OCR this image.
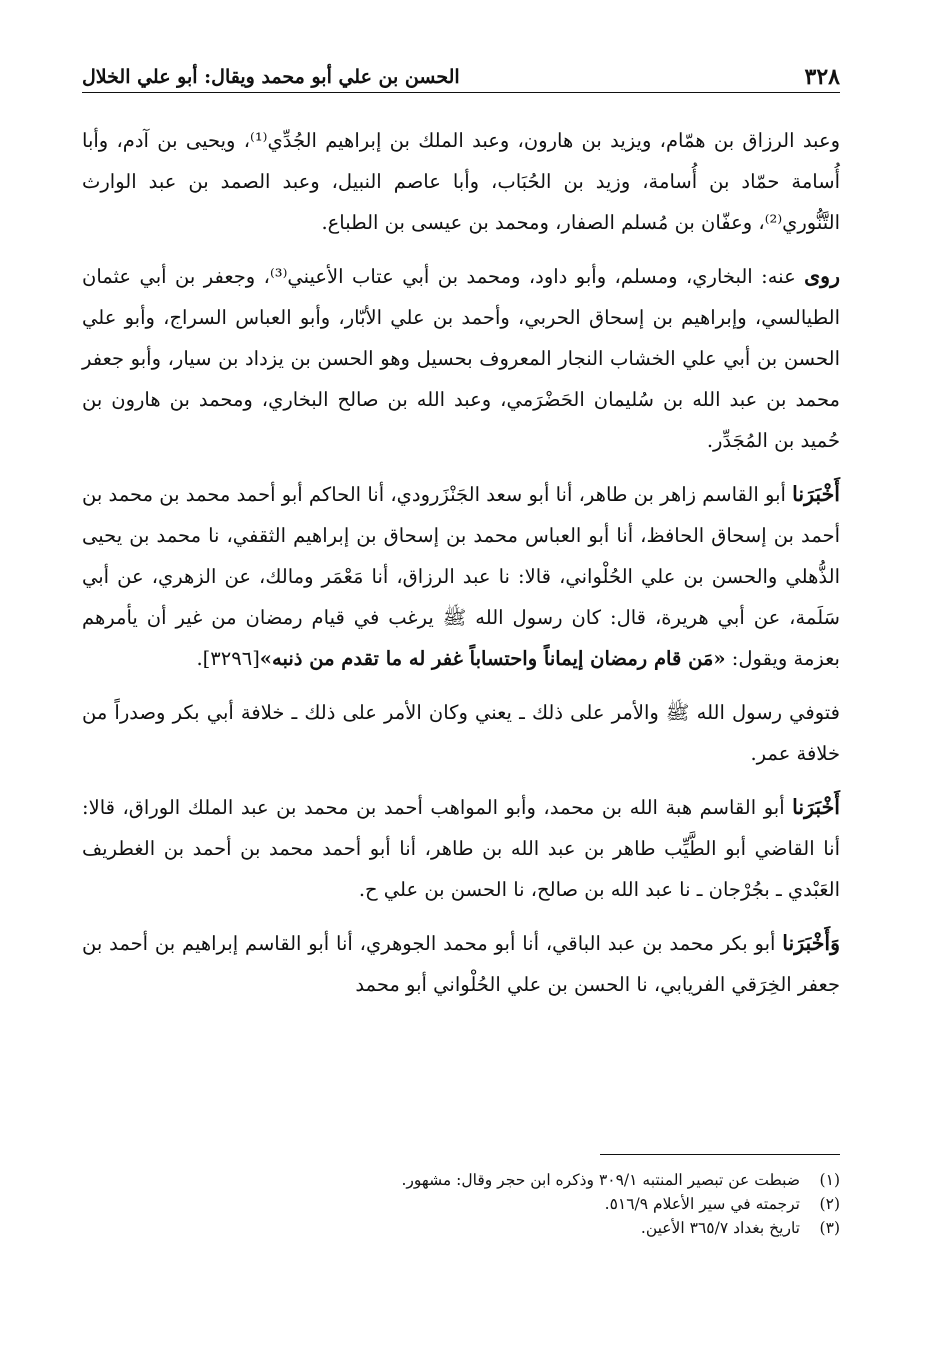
٣٢٨
الحسن بن علي أبو محمد ويقال: أبو علي الخلال

وعبد الرزاق بن همّام، ويزيد بن هارون، وعبد الملك بن إبراهيم الجُدِّي⁽¹⁾، ويحيى بن آدم، وأبا أُسامة حمّاد بن أُسامة، وزيد بن الحُبَاب، وأبا عاصم النبيل، وعبد الصمد بن عبد الوارث التَّنُّوري⁽²⁾، وعفّان بن مُسلم الصفار، ومحمد بن عيسى بن الطباع.

روى عنه: البخاري، ومسلم، وأبو داود، ومحمد بن أبي عتاب الأعيني⁽³⁾، وجعفر بن أبي عثمان الطيالسي، وإبراهيم بن إسحاق الحربي، وأحمد بن علي الأبّار، وأبو العباس السراج، وأبو علي الحسن بن أبي علي الخشاب النجار المعروف بحسيل وهو الحسن بن يزداد بن سيار، وأبو جعفر محمد بن عبد الله بن سُليمان الحَضْرَمي، وعبد الله بن صالح البخاري، ومحمد بن هارون بن حُميد بن المُجَدِّر.

أَخْبَرَنا أبو القاسم زاهر بن طاهر، أنا أبو سعد الجَنْزَرودي، أنا الحاكم أبو أحمد محمد بن محمد بن أحمد بن إسحاق الحافظ، أنا أبو العباس محمد بن إسحاق بن إبراهيم الثقفي، نا محمد بن يحيى الذُّهلي والحسن بن علي الحُلْواني، قالا: نا عبد الرزاق، أنا مَعْمَر ومالك، عن الزهري، عن أبي سَلَمة، عن أبي هريرة، قال: كان رسول الله ﷺ يرغب في قيام رمضان من غير أن يأمرهم بعزمة ويقول: «مَن قام رمضان إيماناً واحتساباً غفر له ما تقدم من ذنبه»[٣٢٩٦].

فتوفي رسول الله ﷺ والأمر على ذلك ـ يعني وكان الأمر على ذلك ـ خلافة أبي بكر وصدراً من خلافة عمر.

أَخْبَرَنا أبو القاسم هبة الله بن محمد، وأبو المواهب أحمد بن محمد بن عبد الملك الوراق، قالا: أنا القاضي أبو الطَّيِّب طاهر بن عبد الله بن طاهر، أنا أبو أحمد محمد بن أحمد بن الغطريف العَبْدي ـ بجُرْجان ـ نا عبد الله بن صالح، نا الحسن بن علي ح.

وَأَخْبَرَنا أبو بكر محمد بن عبد الباقي، أنا أبو محمد الجوهري، أنا أبو القاسم إبراهيم بن أحمد بن جعفر الخِرَقي الفريابي، نا الحسن بن علي الحُلْواني أبو محمد

(١)
ضبطت عن تبصير المنتبه ٣٠٩/١ وذكره ابن حجر وقال: مشهور.
(٢)
ترجمته في سير الأعلام ٥١٦/٩.
(٣)
تاريخ بغداد ٣٦٥/٧ الأعين.
